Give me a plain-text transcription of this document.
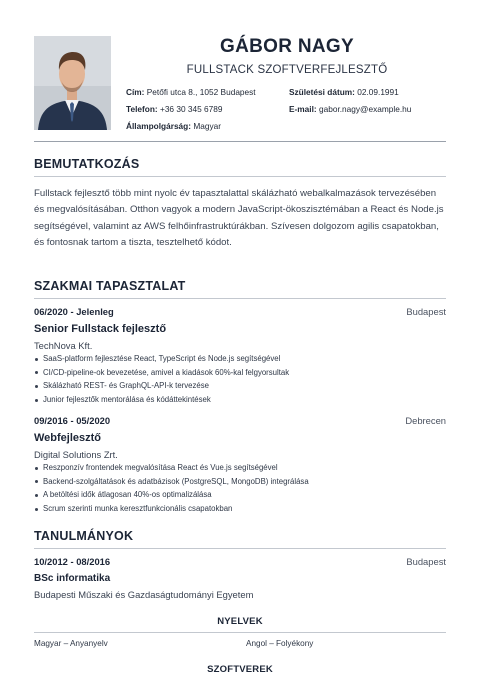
GÁBOR NAGY
FULLSTACK SZOFTVERFEJLESZTŐ
Cím: Petőfi utca 8., 1052 Budapest	Születési dátum: 02.09.1991
Telefon: +36 30 345 6789	E-mail: gabor.nagy@example.hu
Állampolgárság: Magyar
BEMUTATKOZÁS
Fullstack fejlesztő több mint nyolc év tapasztalattal skálázható webalkalmazások tervezésében és megvalósításában. Otthon vagyok a modern JavaScript-ökoszisztémában a React és Node.js segítségével, valamint az AWS felhőinfrastruktúrákban. Szívesen dolgozom agilis csapatokban, és fontosnak tartom a tiszta, tesztelhető kódot.
SZAKMAI TAPASZTALAT
06/2020 - Jelenleg	Budapest
Senior Fullstack fejlesztő
TechNova Kft.
SaaS-platform fejlesztése React, TypeScript és Node.js segítségével
CI/CD-pipeline-ok bevezetése, amivel a kiadások 60%-kal felgyorsultak
Skálázható REST- és GraphQL-API-k tervezése
Junior fejlesztők mentorálása és kódáttekintések
09/2016 - 05/2020	Debrecen
Webfejlesztő
Digital Solutions Zrt.
Reszponzív frontendek megvalósítása React és Vue.js segítségével
Backend-szolgáltatások és adatbázisok (PostgreSQL, MongoDB) integrálása
A betöltési idők átlagosan 40%-os optimalizálása
Scrum szerinti munka keresztfunkcionális csapatokban
TANULMÁNYOK
10/2012 - 08/2016	Budapest
BSc informatika
Budapesti Műszaki és Gazdaságtudományi Egyetem
NYELVEK
Magyar – Anyanyelv	Angol – Folyékony
SZOFTVEREK
